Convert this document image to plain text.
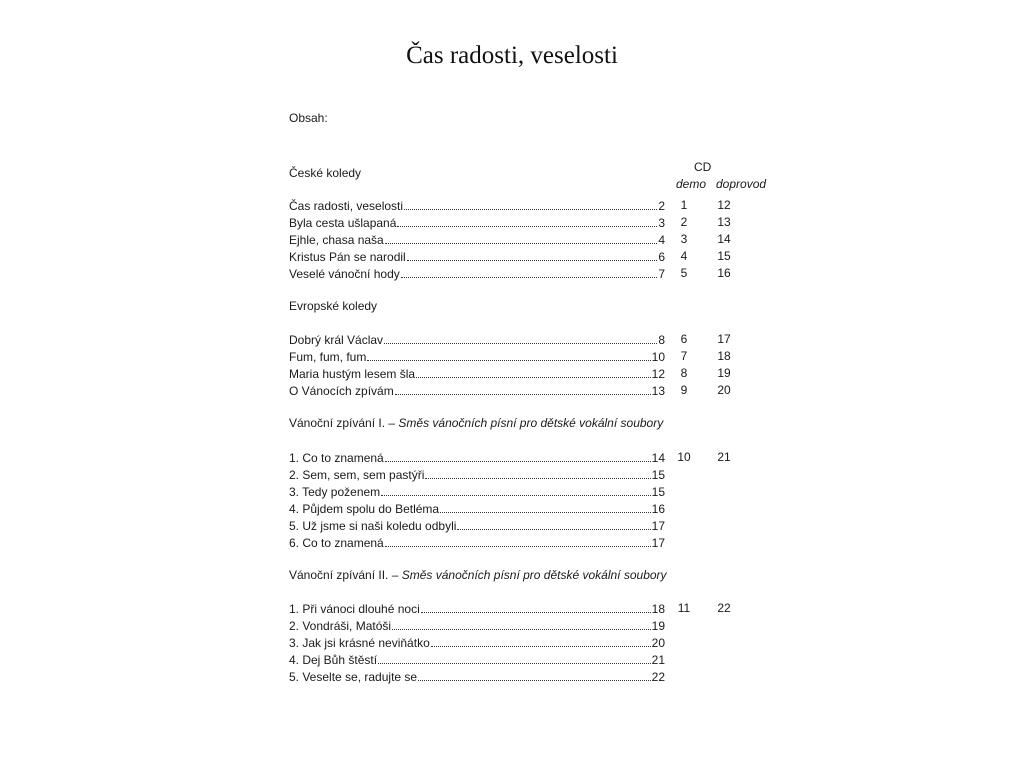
Čas radosti, veselosti
Obsah:
CD
demo doprovod
České koledy
Čas radosti, veselosti	2	1	12
Byla cesta ušlapaná	3	2	13
Ejhle, chasa naša	4	3	14
Kristus Pán se narodil	6	4	15
Veselé vánoční hody	7	5	16
Evropské koledy
Dobrý král Václav	8	6	17
Fum, fum, fum	10	7	18
Maria hustým lesem šla	12	8	19
O Vánocích zpívám	13	9	20
Vánoční zpívání I. – Směs vánočních písní pro dětské vokální soubory
1. Co to znamená	14	10	21
2. Sem, sem, sem pastýři	15
3. Tedy poženem	15
4. Půjdem spolu do Betléma	16
5. Už jsme si naši koledu odbyli	17
6. Co to znamená	17
Vánoční zpívání II. – Směs vánočních písní pro dětské vokální soubory
1. Při vánoci dlouhé noci	18	11	22
2. Vondráši, Matóši	19
3. Jak jsi krásné neviňátko	20
4. Dej Bůh štěstí	21
5. Veselte se, radujte se	22
